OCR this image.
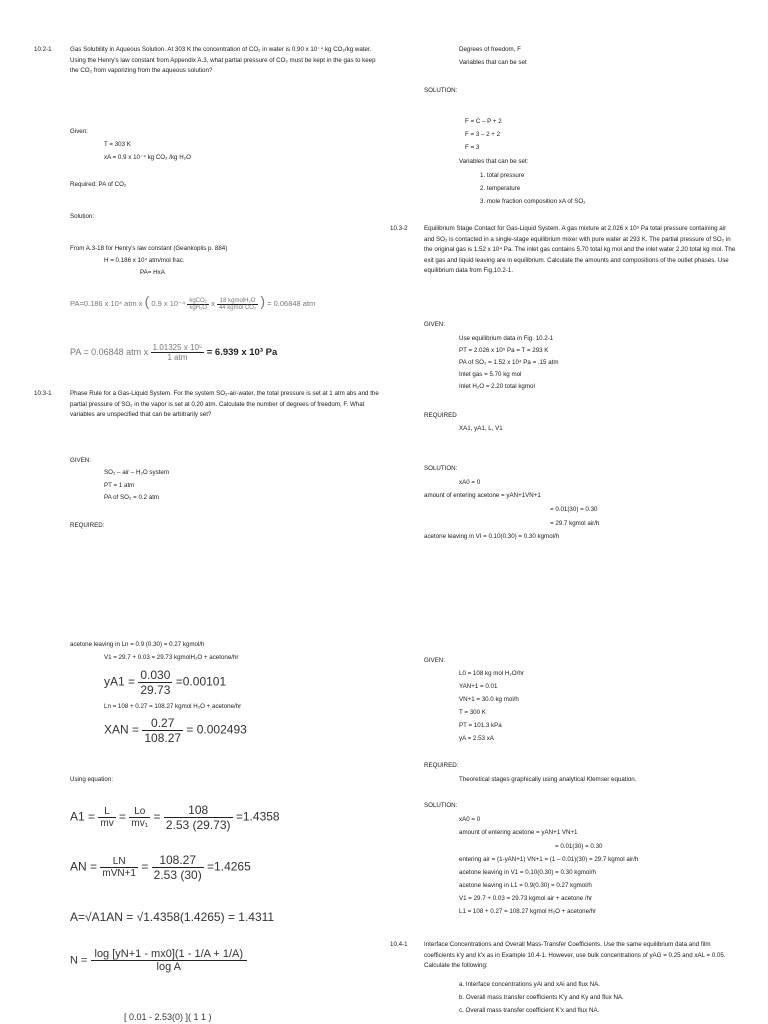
10.2-1	Gas Solubility in Aqueous Solution. At 303 K the concentration of CO₂ in water is 0.90 x 10⁻⁴ kg CO₂/kg water. Using the Henry's law constant from Appendix A.3, what partial pressure of CO₂ must be kept in the gas to keep the CO₂ from vaporizing from the aqueous solution?
Given:
T = 303 K
xA = 0.9 x 10⁻⁴ kg CO₂ /kg H₂O
Required: PA of CO₂
Solution:
From A.3-18 for Henry's law constant (Geankoplis p. 884)
H = 0.186 x 10⁴ atm/mol frac.
PA= HxA
PA=0.186 x 10⁴ atm x ( 0.9 x $10^{-4} \frac{\text{kgCO₂}}{\text{kgH₂O}}$ x $\frac{\text{18 kgmolH₂O}}{\text{44 kgmol CO₂}}$ ) = 0.06848 atm
PA = 0.06848 atm x $\frac{\text{1.01325 x 10⁵}}{\text{1 atm}} = 6.939$ x 10³ Pa
10.3-1	Phase Rule for a Gas-Liquid System. For the system SO₂-air-water, the total pressure is set at 1 atm abs and the partial pressure of SO₂ in the vapor is set at 0.20 atm. Calculate the number of degrees of freedom, F. What variables are unspecified that can be arbitrarily set?
GIVEN:
SO₂ – air – H₂O system
PT = 1 atm
PA of SO₂ = 0.2 atm
REQUIRED:
Degrees of freedom, F
Variables that can be set
SOLUTION:
F = C – P + 2
F = 3 – 2 + 2
F = 3
Variables that can be set:
1. total pressure
2. temperature
3. mole fraction composition xA of SO₂
10.3-2	Equilibrium Stage Contact for Gas-Liquid System. A gas mixture at 2.026 x 10⁵ Pa total pressure containing air and SO₂ is contacted in a single-stage equilibrium mixer with pure water at 293 K. The partial pressure of SO₂ in the original gas is 1.52 x 10⁴ Pa. The inlet gas contains 5.70 total kg mol and the inlet water 2.20 total kg mol. The exit gas and liquid leaving are in equilibrium. Calculate the amounts and compositions of the outlet phases. Use equilibrium data from Fig.10.2-1.
GIVEN:
Use equilibrium data in Fig. 10.2-1
PT = 2.026 x 10⁵ Pa = T = 293 K
PA of SO₂ = 1.52 x 10⁴ Pa = .15 atm
Inlet gas = 5.70 kg mol
Inlet H₂O = 2.20 total kgmol
REQUIRED
XA1, yA1, L, V1
SOLUTION:
xA0 = 0
amount of entering acetone = yAN+1VN+1
= 0.01(30) = 0.30
= 29.7 kgmol air/h
acetone leaving in VI = 0.10(0.30) = 0.30 kgmol/h
acetone leaving in Ln = 0.9 (0.30) = 0.27 kgmol/h
V1 = 29.7 + 0.03 = 29.73 kgmolH₂O + acetone/hr
$yA1 = \frac{0.030}{29.73} =0.00101$
Ln = 108 + 0.27 = 108.27 kgmol H₂O + acetone/hr
XAN = $\frac{0.27}{108.27} = 0.002493$
Using equation:
$A1 = \frac{L}{mv} = \frac{Lo}{\text{mv₁}} = \frac{108}{2.53 (29.73)} =1.4358$
AN = $\frac{LN}{\text{mVN+1}} = \frac{108.27}{2.53 (30)} =1.4265$
A=√A1AN = √1.4358(1.4265) = 1.4311
$N = \frac{\log [yN+1 - mx0](1 - 1/A + 1/A)}{\text{log A}}$
[ 0.01 - 2.53(0) ]( 1 1 )
GIVEN:
L0 = 108 kg mol H₂O/hr
YAN+1 = 0.01
VN+1 = 30.0 kg mol/h
T = 300 K
PT = 101.3 kPa
yA = 2.53 xA
REQUIRED:
Theoretical stages graphically using analytical Klemser equation.
SOLUTION:
xA0 = 0
amount of entering acetone = yAN+1 VN+1
= 0.01(30) = 0.30
entering air = (1-yAN+1) VN+1 = (1 – 0.01)(30) = 29.7 kgmol air/h
acetone leaving in V1 = 0.10(0.30) = 0.30 kgmol/h
acetone leaving in L1 = 0.9(0.30) = 0.27 kgmol/h
V1 = 29.7 + 0.03 = 29.73 kgmol air + acetone /hr
L1 = 108 + 0.27 = 108.27 kgmol H₂O + acetone/hr
10.4-1	Interface Concentrations and Overall Mass-Transfer Coefficients. Use the same equilibrium data and film coefficients k'y and k'x as in Example 10.4-1. However, use bulk concentrations of yAG = 0.25 and xAL = 0.05. Calculate the following:
a. Interface concentrations yAi and xAi and flux NA.
b. Overall mass transfer coefficients K'y and Ky and flux NA.
c. Overall mass transfer coefficient K'x and flux NA.
